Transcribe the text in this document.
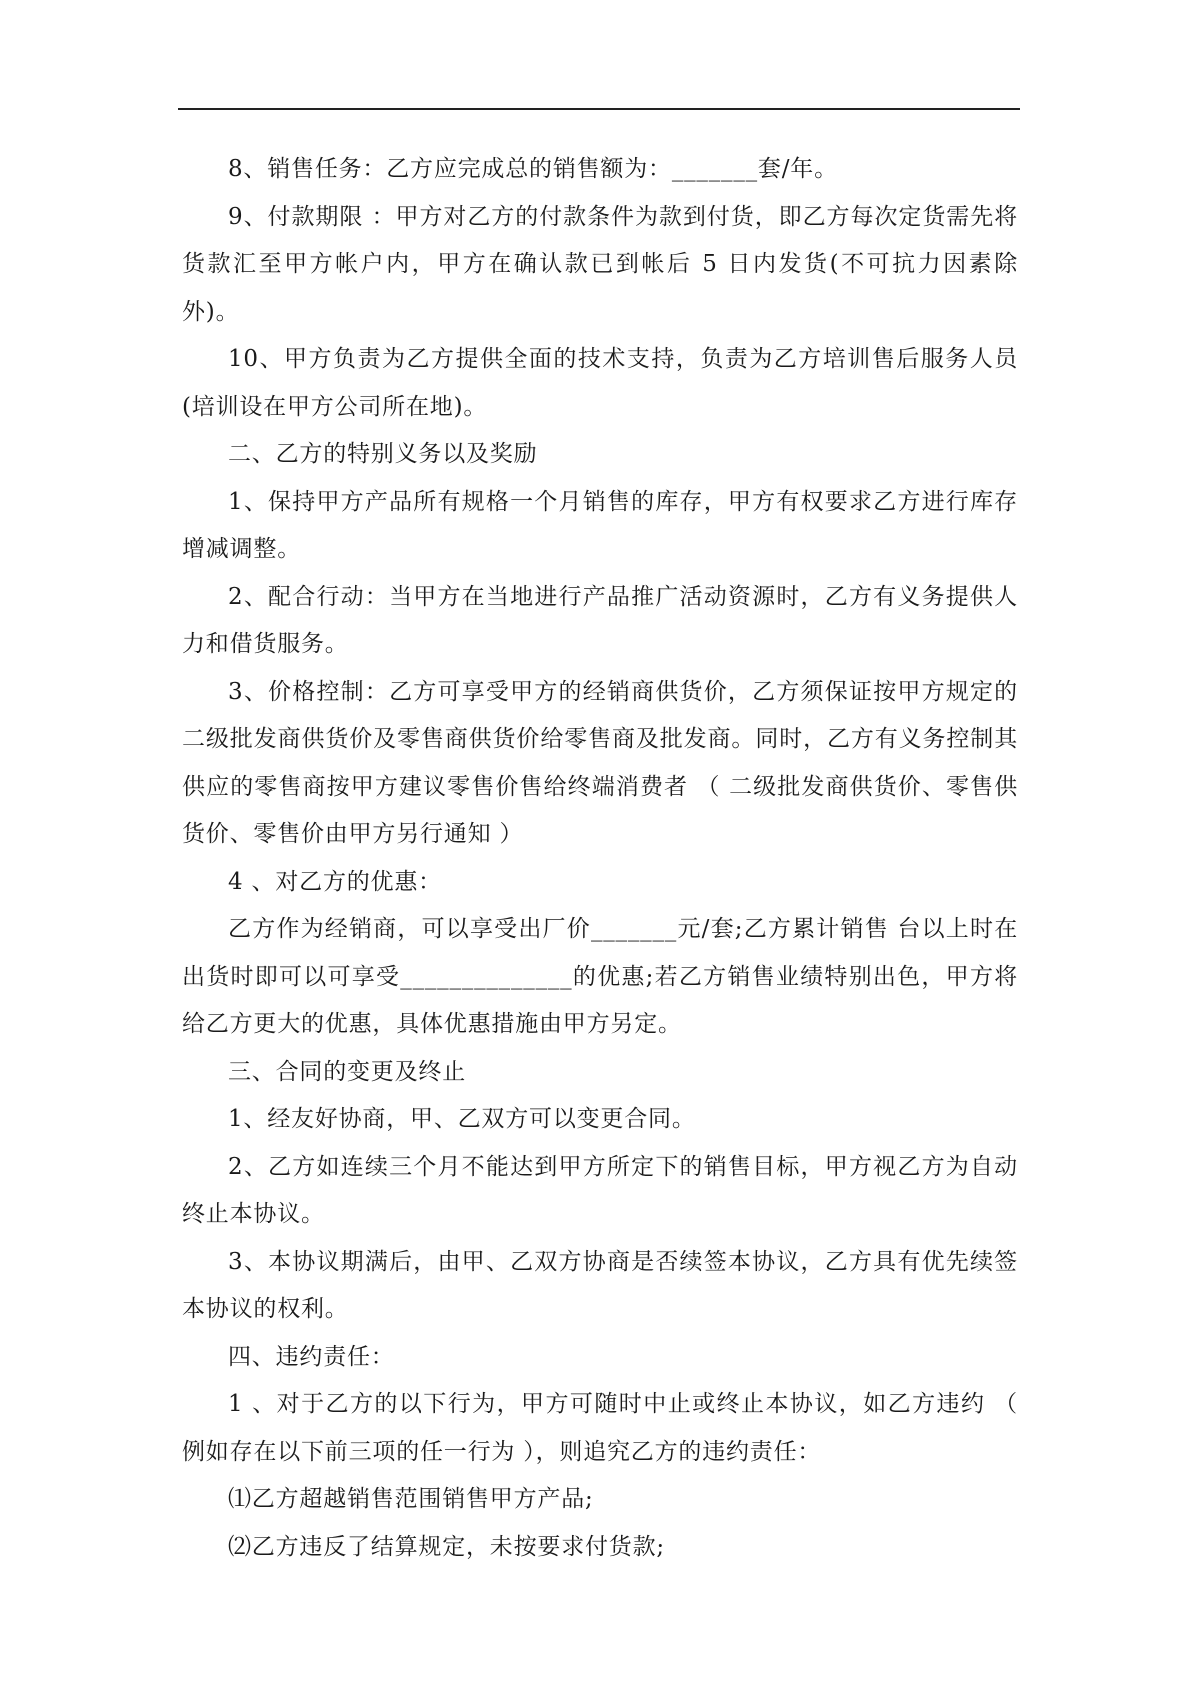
8、销售任务：乙方应完成总的销售额为：_______套/年。

9、付款期限 ：甲方对乙方的付款条件为款到付货，即乙方每次定货需先将货款汇至甲方帐户内，甲方在确认款已到帐后 5 日内发货(不可抗力因素除外)。

10、甲方负责为乙方提供全面的技术支持，负责为乙方培训售后服务人员(培训设在甲方公司所在地)。

二、乙方的特别义务以及奖励

1、保持甲方产品所有规格一个月销售的库存，甲方有权要求乙方进行库存增减调整。

2、配合行动：当甲方在当地进行产品推广活动资源时，乙方有义务提供人力和借货服务。

3、价格控制：乙方可享受甲方的经销商供货价，乙方须保证按甲方规定的二级批发商供货价及零售商供货价给零售商及批发商。同时，乙方有义务控制其供应的零售商按甲方建议零售价售给终端消费者 （ 二级批发商供货价、零售供货价、零售价由甲方另行通知 ）

4 、对乙方的优惠：

乙方作为经销商，可以享受出厂价_______元/套;乙方累计销售 台以上时在出货时即可以可享受______________的优惠;若乙方销售业绩特别出色，甲方将给乙方更大的优惠，具体优惠措施由甲方另定。

三、合同的变更及终止

1、经友好协商，甲、乙双方可以变更合同。

2、乙方如连续三个月不能达到甲方所定下的销售目标，甲方视乙方为自动终止本协议。

3、本协议期满后，由甲、乙双方协商是否续签本协议，乙方具有优先续签本协议的权利。

四、违约责任：

1 、对于乙方的以下行为，甲方可随时中止或终止本协议，如乙方违约 （ 例如存在以下前三项的任一行为 ），则追究乙方的违约责任：

⑴乙方超越销售范围销售甲方产品;

⑵乙方违反了结算规定，未按要求付货款;
